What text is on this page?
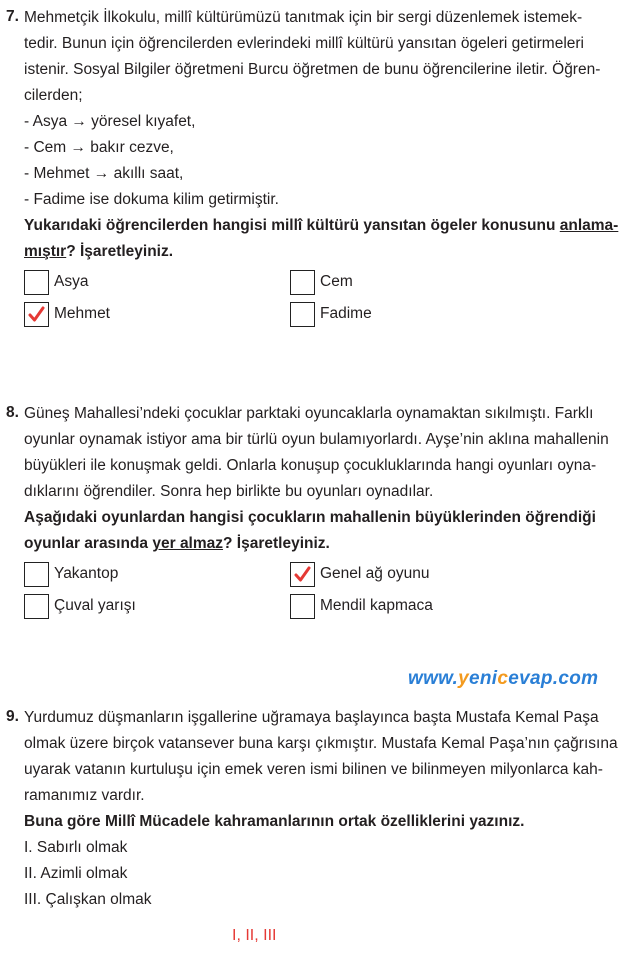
7. Mehmetçik İlkokulu, millî kültürümüzü tanıtmak için bir sergi düzenlemek istemek-
tedir. Bunun için öğrencilerden evlerindeki millî kültürü yansıtan ögeleri getirmeleri
istenir. Sosyal Bilgiler öğretmeni Burcu öğretmen de bunu öğrencilerine iletir. Öğren-
cilerden;
- Asya → yöresel kıyafet,
- Cem → bakır cezve,
- Mehmet → akıllı saat,
- Fadime ise dokuma kilim getirmiştir.
Yukarıdaki öğrencilerden hangisi millî kültürü yansıtan ögeler konusunu anlama-
mıştır? İşaretleyiniz.
Asya	Cem
Mehmet	Fadime
8. Güneş Mahallesi’ndeki çocuklar parktaki oyuncaklarla oynamaktan sıkılmıştı. Farklı
oyunlar oynamak istiyor ama bir türlü oyun bulamıyorlardı. Ayşe’nin aklına mahallenin
büyükleri ile konuşmak geldi. Onlarla konuşup çocukluklarında hangi oyunları oyna-
dıklarını öğrendiler. Sonra hep birlikte bu oyunları oynadılar.
Aşağıdaki oyunlardan hangisi çocukların mahallenin büyüklerinden öğrendiği
oyunlar arasında yer almaz? İşaretleyiniz.
Yakantop	Genel ağ oyunu
Çuval yarışı	Mendil kapmaca
www.yenicevap.com
9. Yurdumuz düşmanların işgallerine uğramaya başlayınca başta Mustafa Kemal Paşa
olmak üzere birçok vatansever buna karşı çıkmıştır. Mustafa Kemal Paşa’nın çağrısına
uyarak vatanın kurtuluşu için emek veren ismi bilinen ve bilinmeyen milyonlarca kah-
ramanımız vardır.
Buna göre Millî Mücadele kahramanlarının ortak özelliklerini yazınız.
I. Sabırlı olmak
II. Azimli olmak
III. Çalışkan olmak
I, II, III
